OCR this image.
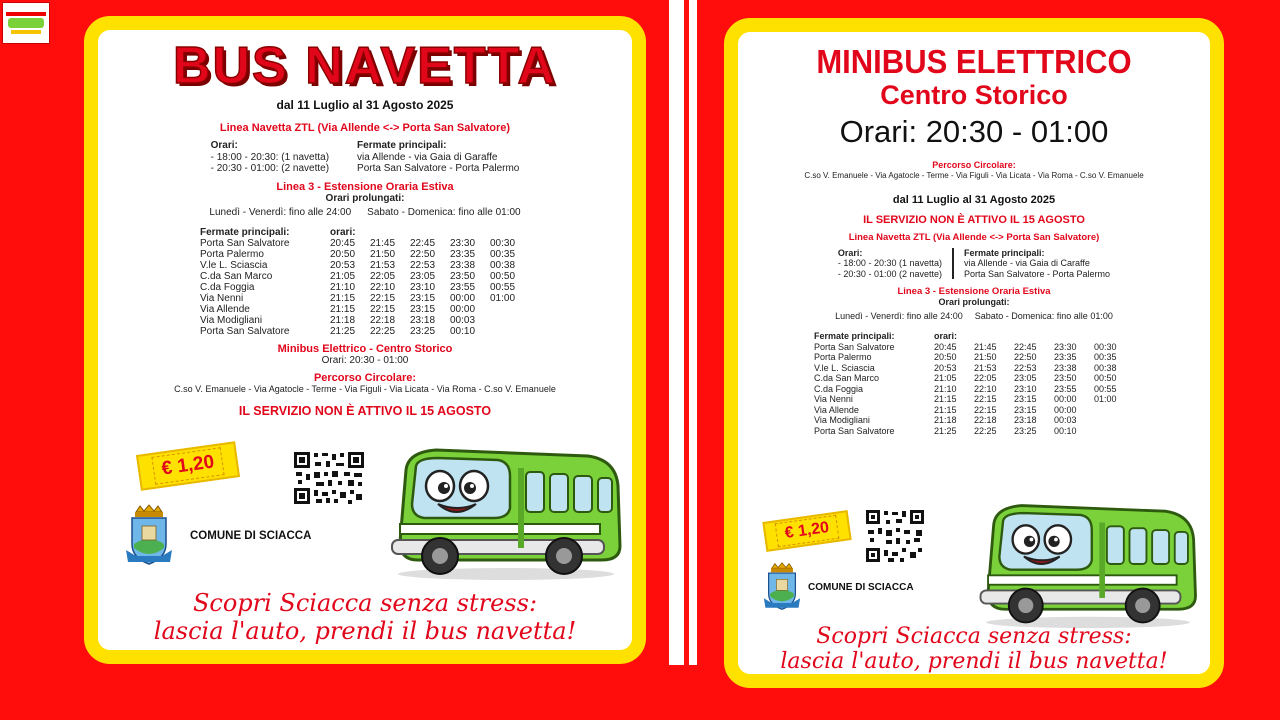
BUS NAVETTA
dal 11 Luglio al 31 Agosto 2025
Linea Navetta ZTL (Via Allende <-> Porta San Salvatore)
Orari:
- 18:00 - 20:30: (1 navetta)
- 20:30 - 01:00: (2 navette)
Fermate principali:
via Allende - via Gaia di Garaffe
Porta San Salvatore - Porta Palermo
Linea 3 - Estensione Oraria Estiva
Orari prolungati:
Lunedì - Venerdì: fino alle 24:00 Sabato - Domenica: fino alle 01:00
Fermate principali:	orari:				
Porta San Salvatore	20:45	21:45	22:45	23:30	00:30
Porta Palermo	20:50	21:50	22:50	23:35	00:35
V.le L. Sciascia	20:53	21:53	22:53	23:38	00:38
C.da San Marco	21:05	22:05	23:05	23:50	00:50
C.da Foggia	21:10	22:10	23:10	23:55	00:55
Via Nenni	21:15	22:15	23:15	00:00	01:00
Via Allende	21:15	22:15	23:15	00:00	
Via Modigliani	21:18	22:18	23:18	00:03	
Porta San Salvatore	21:25	22:25	23:25	00:10	
Minibus Elettrico - Centro Storico
Orari: 20:30 - 01:00
Percorso Circolare:
C.so V. Emanuele - Via Agatocle - Terme - Via Figuli - Via Licata - Via Roma - C.so V. Emanuele
IL SERVIZIO NON È ATTIVO IL 15 AGOSTO
€ 1,20
COMUNE DI SCIACCA
Scopri Sciacca senza stress:
lascia l'auto, prendi il bus navetta!
MINIBUS ELETTRICO
Centro Storico
Orari: 20:30 - 01:00
Percorso Circolare:
C.so V. Emanuele - Via Agatocle - Terme - Via Figuli - Via Licata - Via Roma - C.so V. Emanuele
dal 11 Luglio al 31 Agosto 2025
IL SERVIZIO NON È ATTIVO IL 15 AGOSTO
Linea Navetta ZTL (Via Allende <-> Porta San Salvatore)
Orari:
- 18:00 - 20:30 (1 navetta)
- 20:30 - 01:00 (2 navette)
Fermate principali:
via Allende - via Gaia di Caraffe
Porta San Salvatore - Porta Palermo
Linea 3 - Estensione Oraria Estiva
Orari prolungati:
Lunedì - Venerdì: fino alle 24:00 Sabato - Domenica: fino alle 01:00
Fermate principali:	orari:				
Porta San Salvatore	20:45	21:45	22:45	23:30	00:30
Porta Palermo	20:50	21:50	22:50	23:35	00:35
V.le L. Sciascia	20:53	21:53	22:53	23:38	00:38
C.da San Marco	21:05	22:05	23:05	23:50	00:50
C.da Foggia	21:10	22:10	23:10	23:55	00:55
Via Nenni	21:15	22:15	23:15	00:00	01:00
Via Allende	21:15	22:15	23:15	00:00	
Via Modigliani	21:18	22:18	23:18	00:03	
Porta San Salvatore	21:25	22:25	23:25	00:10	
€ 1,20
COMUNE DI SCIACCA
Scopri Sciacca senza stress:
lascia l'auto, prendi il bus navetta!
